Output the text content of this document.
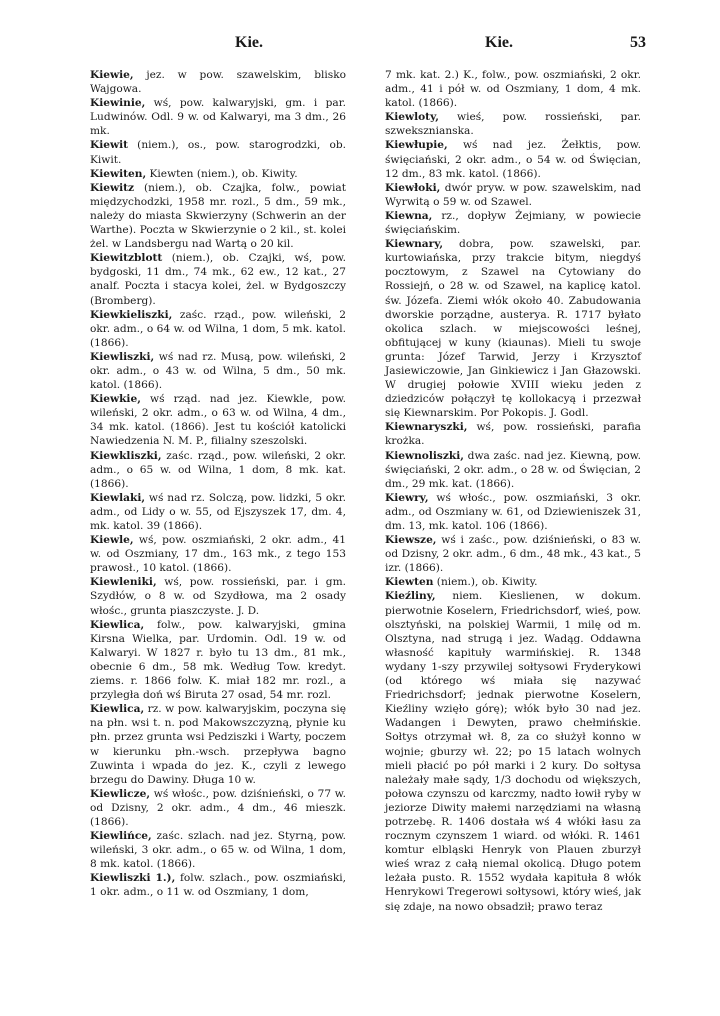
Kie.	Kie.	53

Kiewie, jez. w pow. szawelskim, blisko Wajgowa.

Kiewinie, wś, pow. kalwaryjski, gm. i par. Ludwinów. Odl. 9 w. od Kalwaryi, ma 3 dm., 26 mk.

Kiewit (niem.), os., pow. starogrodzki, ob. Kiwit.

Kiewiten, Kiewten (niem.), ob. Kiwity.

Kiewitz (niem.), ob. Czajka, folw., powiat międzychodzki, 1958 mr. rozl., 5 dm., 59 mk., należy do miasta Skwierzyny (Schwerin an der Warthe). Poczta w Skwierzynie o 2 kil., st. kolei żel. w Landsbergu nad Wartą o 20 kil.

Kiewitzblott (niem.), ob. Czajki, wś, pow. bydgoski, 11 dm., 74 mk., 62 ew., 12 kat., 27 analf. Poczta i stacya kolei, żel. w Bydgoszczy (Bromberg).

Kiewkieliszki, zaśc. rząd., pow. wileński, 2 okr. adm., o 64 w. od Wilna, 1 dom, 5 mk. katol. (1866).

Kiewliszki, wś nad rz. Musą, pow. wileński, 2 okr. adm., o 43 w. od Wilna, 5 dm., 50 mk. katol. (1866).

Kiewkie, wś rząd. nad jez. Kiewkle, pow. wileński, 2 okr. adm., o 63 w. od Wilna, 4 dm., 34 mk. katol. (1866). Jest tu kościół katolicki Nawiedzenia N. M. P., filialny szeszolski.

Kiewkliszki, zaśc. rząd., pow. wileński, 2 okr. adm., o 65 w. od Wilna, 1 dom, 8 mk. kat. (1866).

Kiewlaki, wś nad rz. Solczą, pow. lidzki, 5 okr. adm., od Lidy o w. 55, od Ejszyszek 17, dm. 4, mk. katol. 39 (1866).

Kiewle, wś, pow. oszmiański, 2 okr. adm., 41 w. od Oszmiany, 17 dm., 163 mk., z tego 153 prawosł., 10 katol. (1866).

Kiewleniki, wś, pow. rossieński, par. i gm. Szydłów, o 8 w. od Szydłowa, ma 2 osady włośc., grunta piaszczyste. J. D.

Kiewlica, folw., pow. kalwaryjski, gmina Kirsna Wielka, par. Urdomin. Odl. 19 w. od Kalwaryi. W 1827 r. było tu 13 dm., 81 mk., obecnie 6 dm., 58 mk. Według Tow. kredyt. ziems. r. 1866 folw. K. miał 182 mr. rozl., a przyległa doń wś Biruta 27 osad, 54 mr. rozl.

Kiewlica, rz. w pow. kalwaryjskim, poczyna się na płn. wsi t. n. pod Makowszczyzną, płynie ku płn. przez grunta wsi Pedziszki i Warty, poczem w kierunku płn.-wsch. przepływa bagno Zuwinta i wpada do jez. K., czyli z lewego brzegu do Dawiny. Długa 10 w.

Kiewlicze, wś włośc., pow. dziśnieński, o 77 w. od Dzisny, 2 okr. adm., 4 dm., 46 mieszk. (1866).

Kiewlińce, zaśc. szlach. nad jez. Styrną, pow. wileński, 3 okr. adm., o 65 w. od Wilna, 1 dom, 8 mk. katol. (1866).

Kiewliszki 1.), folw. szlach., pow. oszmiański, 1 okr. adm., o 11 w. od Oszmiany, 1 dom,

7 mk. kat. 2.) K., folw., pow. oszmiański, 2 okr. adm., 41 i pół w. od Oszmiany, 1 dom, 4 mk. katol. (1866).

Kiewloty, wieś, pow. rossieński, par. szweksznianska.

Kiewłupie, wś nad jez. Żełktis, pow. święciański, 2 okr. adm., o 54 w. od Święcian, 12 dm., 83 mk. katol. (1866).

Kiewłoki, dwór pryw. w pow. szawelskim, nad Wyrwitą o 59 w. od Szawel.

Kiewna, rz., dopływ Żejmiany, w powiecie święciańskim.

Kiewnary, dobra, pow. szawelski, par. kurtowiańska, przy trakcie bitym, niegdyś pocztowym, z Szawel na Cytowiany do Rossiejń, o 28 w. od Szawel, na kaplicę katol. św. Józefa. Ziemi włók około 40. Zabudowania dworskie porządne, austerya. R. 1717 byłato okolica szlach. w miejscowości leśnej, obfitującej w kuny (kiaunas). Mieli tu swoje grunta: Józef Tarwid, Jerzy i Krzysztof Jasiewiczowie, Jan Ginkiewicz i Jan Głazowski. W drugiej połowie XVIII wieku jeden z dziedziców połączył tę kollokacyą i przezwał się Kiewnarskim. Por Pokopis. J. Godl.

Kiewnaryszki, wś, pow. rossieński, parafia krożka.

Kiewnoliszki, dwa zaśc. nad jez. Kiewną, pow. święciański, 2 okr. adm., o 28 w. od Święcian, 2 dm., 29 mk. kat. (1866).

Kiewry, wś włośc., pow. oszmiański, 3 okr. adm., od Oszmiany w. 61, od Dziewieniszek 31, dm. 13, mk. katol. 106 (1866).

Kiewsze, wś i zaśc., pow. dziśnieński, o 83 w. od Dzisny, 2 okr. adm., 6 dm., 48 mk., 43 kat., 5 izr. (1866).

Kiewten (niem.), ob. Kiwity.

Kieźliny, niem. Kieslienen, w dokum. pierwotnie Koselern, Friedrichsdorf, wieś, pow. olsztyński, na polskiej Warmii, 1 milę od m. Olsztyna, nad strugą i jez. Wadąg. Oddawna własność kapituły warmińskiej. R. 1348 wydany 1-szy przywilej sołtysowi Fryderykowi (od którego wś miała się nazywać Friedrichsdorf; jednak pierwotne Koselern, Kieźliny wzięło górę); włók było 30 nad jez. Wadangen i Dewyten, prawo chełmińskie. Sołtys otrzymał wł. 8, za co służył konno w wojnie; gburzy wł. 22; po 15 latach wolnych mieli płacić po pół marki i 2 kury. Do sołtysa należały małe sądy, 1/3 dochodu od większych, połowa czynszu od karczmy, nadto łowił ryby w jeziorze Diwity małemi narzędziami na własną potrzebę. R. 1406 dostała wś 4 włóki łasu za rocznym czynszem 1 wiard. od włóki. R. 1461 komtur elbląski Henryk von Plauen zburzył wieś wraz z całą niemal okolicą. Długo potem leżała pusto. R. 1552 wydała kapituła 8 włók Henrykowi Tregerowi sołtysowi, który wieś, jak się zdaje, na nowo obsadził; prawo teraz
